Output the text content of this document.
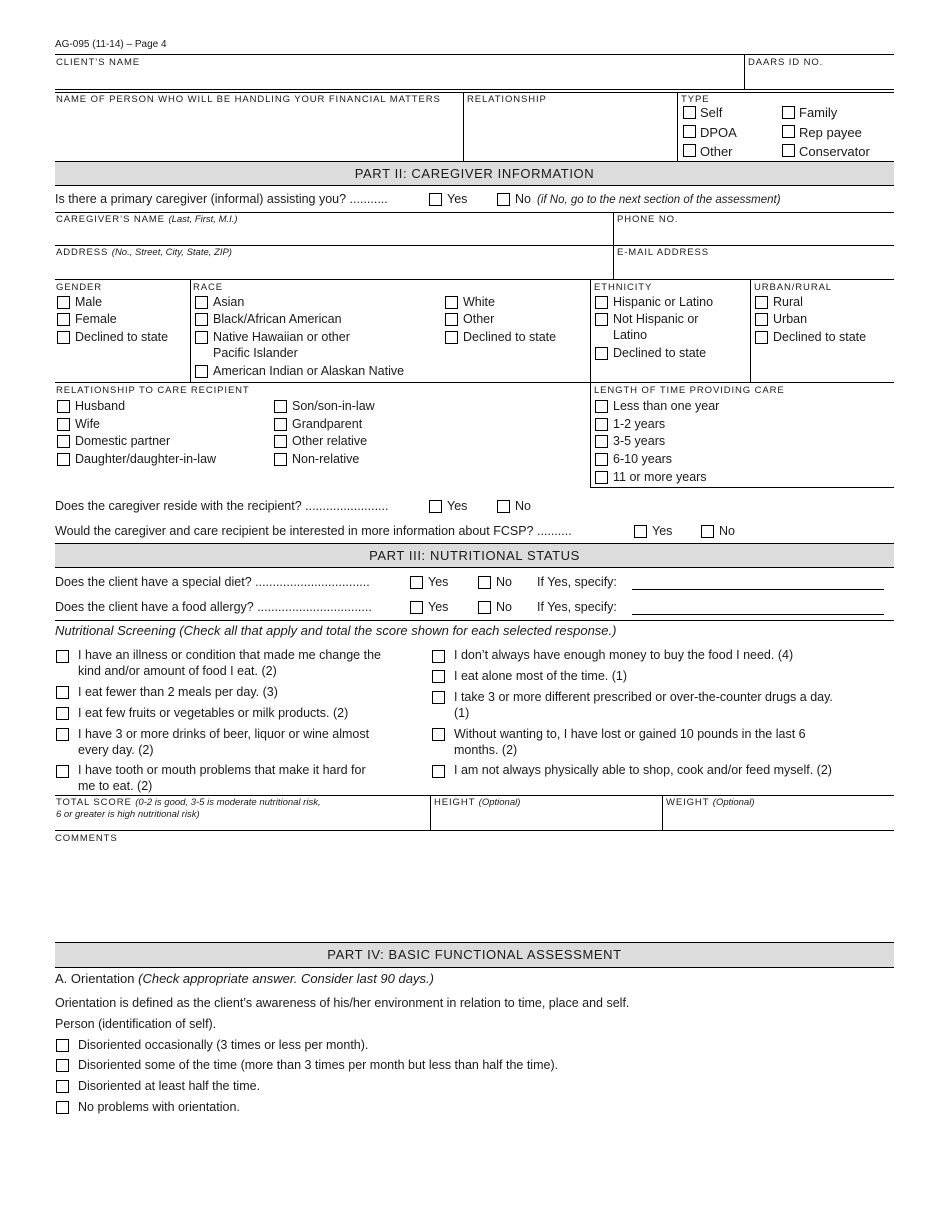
AG-095 (11-14) – Page 4
CLIENT’S NAME	DAARS ID NO.
NAME OF PERSON WHO WILL BE HANDLING YOUR FINANCIAL MATTERS	RELATIONSHIP	TYPE
Self
DPOA
Other
Family
Rep payee
Conservator
PART II: CAREGIVER INFORMATION
Is there a primary caregiver (informal) assisting you? ...........	Yes	No (if No, go to the next section of the assessment)
CAREGIVER’S NAME (Last, First, M.I.)	PHONE NO.
ADDRESS (No., Street, City, State, ZIP)	E-MAIL ADDRESS
GENDER
Male
Female
Declined to state
RACE
Asian
Black/African American
Native Hawaiian or other
Pacific Islander
American Indian or Alaskan Native
White
Other
Declined to state
ETHNICITY
Hispanic or Latino
Not Hispanic or
Latino
Declined to state
URBAN/RURAL
Rural
Urban
Declined to state
RELATIONSHIP TO CARE RECIPIENT
Husband
Wife
Domestic partner
Daughter/daughter-in-law
Son/son-in-law
Grandparent
Other relative
Non-relative
LENGTH OF TIME PROVIDING CARE
Less than one year
1-2 years
3-5 years
6-10 years
11 or more years
Does the caregiver reside with the recipient? ........................	Yes	No
Would the caregiver and care recipient be interested in more information about FCSP? ..........	Yes	No
PART III: NUTRITIONAL STATUS
Does the client have a special diet? .................................	Yes	No If Yes, specify:
Does the client have a food allergy? .................................	Yes	No If Yes, specify:
Nutritional Screening (Check all that apply and total the score shown for each selected response.)
I have an illness or condition that made me change the
kind and/or amount of food I eat. (2)
I eat fewer than 2 meals per day. (3)
I eat few fruits or vegetables or milk products. (2)
I have 3 or more drinks of beer, liquor or wine almost
every day. (2)
I have tooth or mouth problems that make it hard for
me to eat. (2)
I don’t always have enough money to buy the food I need. (4)
I eat alone most of the time. (1)
I take 3 or more different prescribed or over-the-counter drugs a day.
(1)
Without wanting to, I have lost or gained 10 pounds in the last 6
months. (2)
I am not always physically able to shop, cook and/or feed myself. (2)
TOTAL SCORE (0-2 is good, 3-5 is moderate nutritional risk,
6 or greater is high nutritional risk)
HEIGHT (Optional)	WEIGHT (Optional)
COMMENTS
PART IV: BASIC FUNCTIONAL ASSESSMENT
A. Orientation (Check appropriate answer. Consider last 90 days.)
Orientation is defined as the client’s awareness of his/her environment in relation to time, place and self.
Person (identification of self).
Disoriented occasionally (3 times or less per month).
Disoriented some of the time (more than 3 times per month but less than half the time).
Disoriented at least half the time.
No problems with orientation.
